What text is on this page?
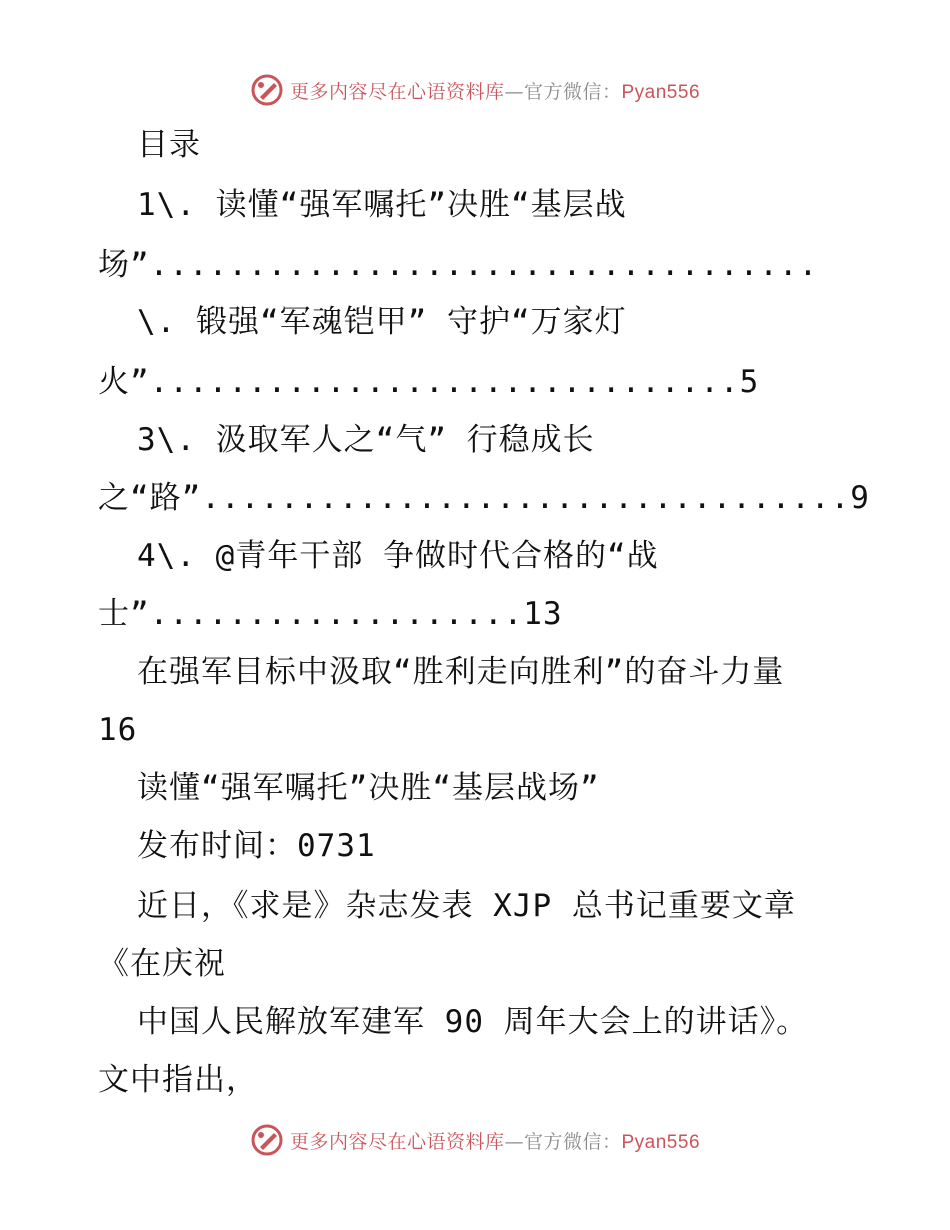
更多内容尽在心语资料库—官方微信：Pyan556
目录
1\. 读懂“强军嘱托”决胜“基层战
场”..................................
\. 锻强“军魂铠甲” 守护“万家灯
火”..............................5
3\. 汲取军人之“气” 行稳成长
之“路”.................................9
4\. @青年干部 争做时代合格的“战
士”...................13
在强军目标中汲取“胜利走向胜利”的奋斗力量
16
读懂“强军嘱托”决胜“基层战场”
发布时间：0731
近日，《求是》杂志发表 XJP 总书记重要文章
《在庆祝
中国人民解放军建军 90 周年大会上的讲话》。
文中指出，
更多内容尽在心语资料库—官方微信：Pyan556
